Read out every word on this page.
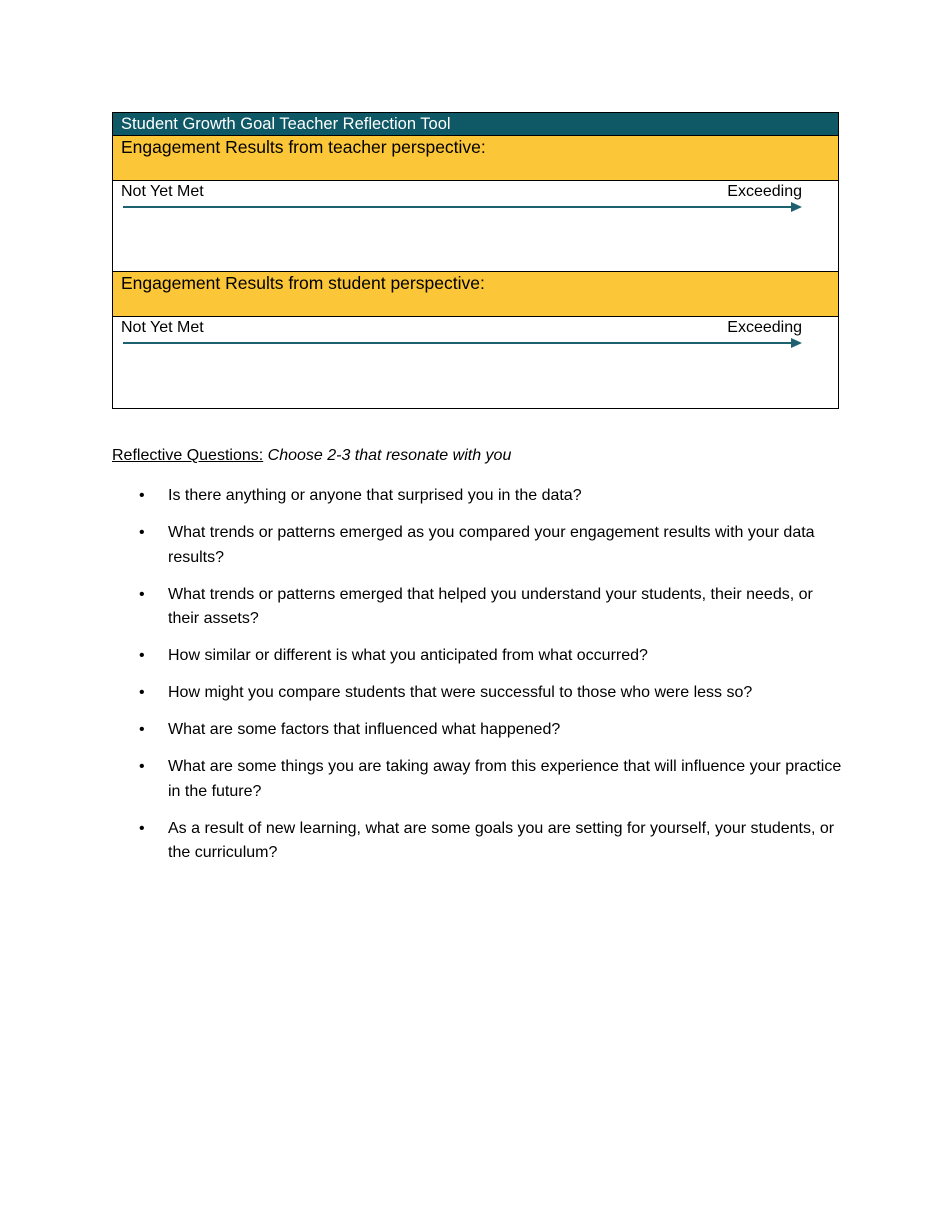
Student Growth Goal Teacher Reflection Tool
Engagement Results from teacher perspective:
Not Yet Met	Exceeding
Engagement Results from student perspective:
Not Yet Met	Exceeding
Reflective Questions: Choose 2-3 that resonate with you
• Is there anything or anyone that surprised you in the data?
• What trends or patterns emerged as you compared your engagement results with your data results?
• What trends or patterns emerged that helped you understand your students, their needs, or their assets?
• How similar or different is what you anticipated from what occurred?
• How might you compare students that were successful to those who were less so?
• What are some factors that influenced what happened?
• What are some things you are taking away from this experience that will influence your practice in the future?
• As a result of new learning, what are some goals you are setting for yourself, your students, or the curriculum?
